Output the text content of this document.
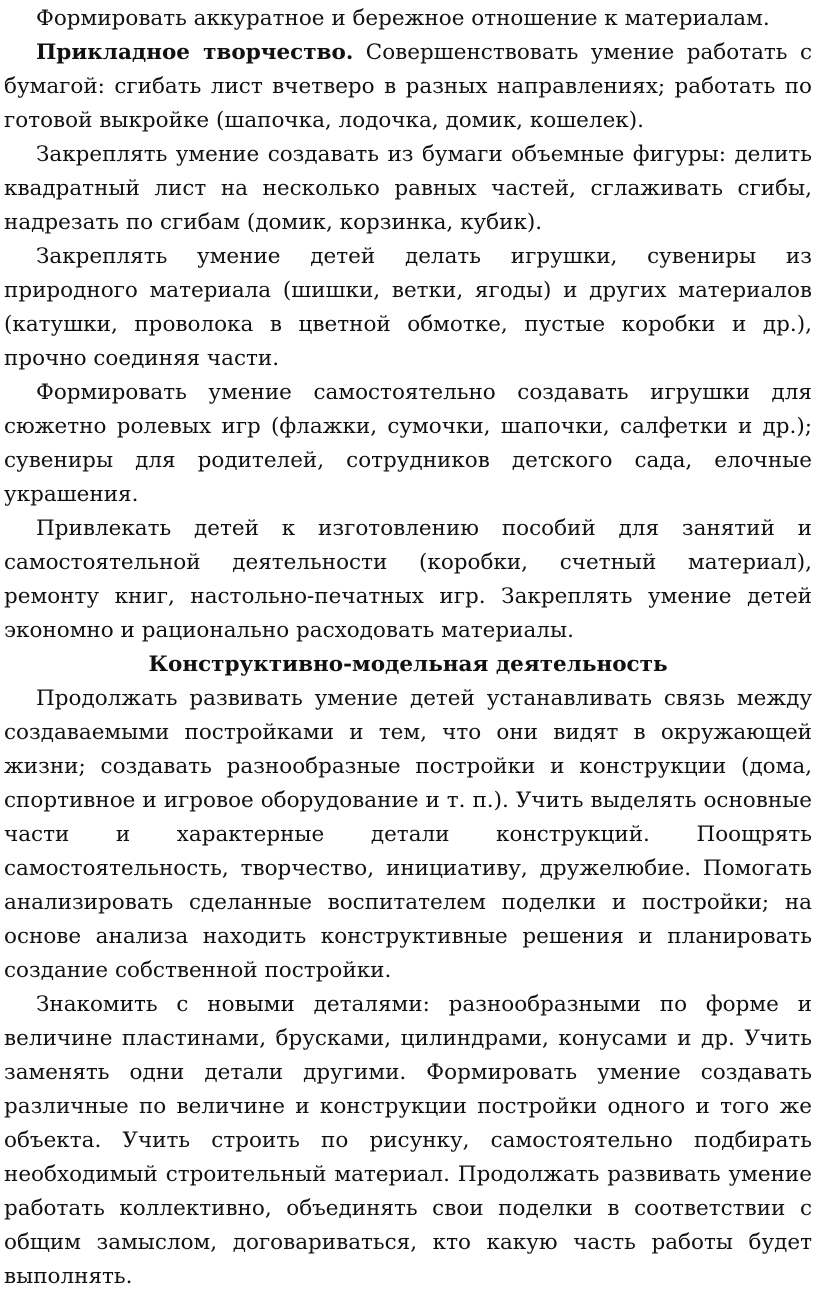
Формировать аккуратное и бережное отношение к материалам.

Прикладное творчество. Совершенствовать умение работать с бумагой: сгибать лист вчетверо в разных направлениях; работать по готовой выкройке (шапочка, лодочка, домик, кошелек).

Закреплять умение создавать из бумаги объемные фигуры: делить квадратный лист на несколько равных частей, сглаживать сгибы, надрезать по сгибам (домик, корзинка, кубик).

Закреплять умение детей делать игрушки, сувениры из природного материала (шишки, ветки, ягоды) и других материалов (катушки, проволока в цветной обмотке, пустые коробки и др.), прочно соединяя части.

Формировать умение самостоятельно создавать игрушки для сюжетно ролевых игр (флажки, сумочки, шапочки, салфетки и др.); сувениры для родителей, сотрудников детского сада, елочные украшения.

Привлекать детей к изготовлению пособий для занятий и самостоятельной деятельности (коробки, счетный материал), ремонту книг, настольно-печатных игр. Закреплять умение детей экономно и рационально расходовать материалы.

Конструктивно-модельная деятельность

Продолжать развивать умение детей устанавливать связь между создаваемыми постройками и тем, что они видят в окружающей жизни; создавать разнообразные постройки и конструкции (дома, спортивное и игровое оборудование и т. п.). Учить выделять основные части и характерные детали конструкций. Поощрять самостоятельность, творчество, инициативу, дружелюбие. Помогать анализировать сделанные воспитателем поделки и постройки; на основе анализа находить конструктивные решения и планировать создание собственной постройки.

Знакомить с новыми деталями: разнообразными по форме и величине пластинами, брусками, цилиндрами, конусами и др. Учить заменять одни детали другими. Формировать умение создавать различные по величине и конструкции постройки одного и того же объекта. Учить строить по рисунку, самостоятельно подбирать необходимый строительный материал. Продолжать развивать умение работать коллективно, объединять свои поделки в соответствии с общим замыслом, договариваться, кто какую часть работы будет выполнять.
